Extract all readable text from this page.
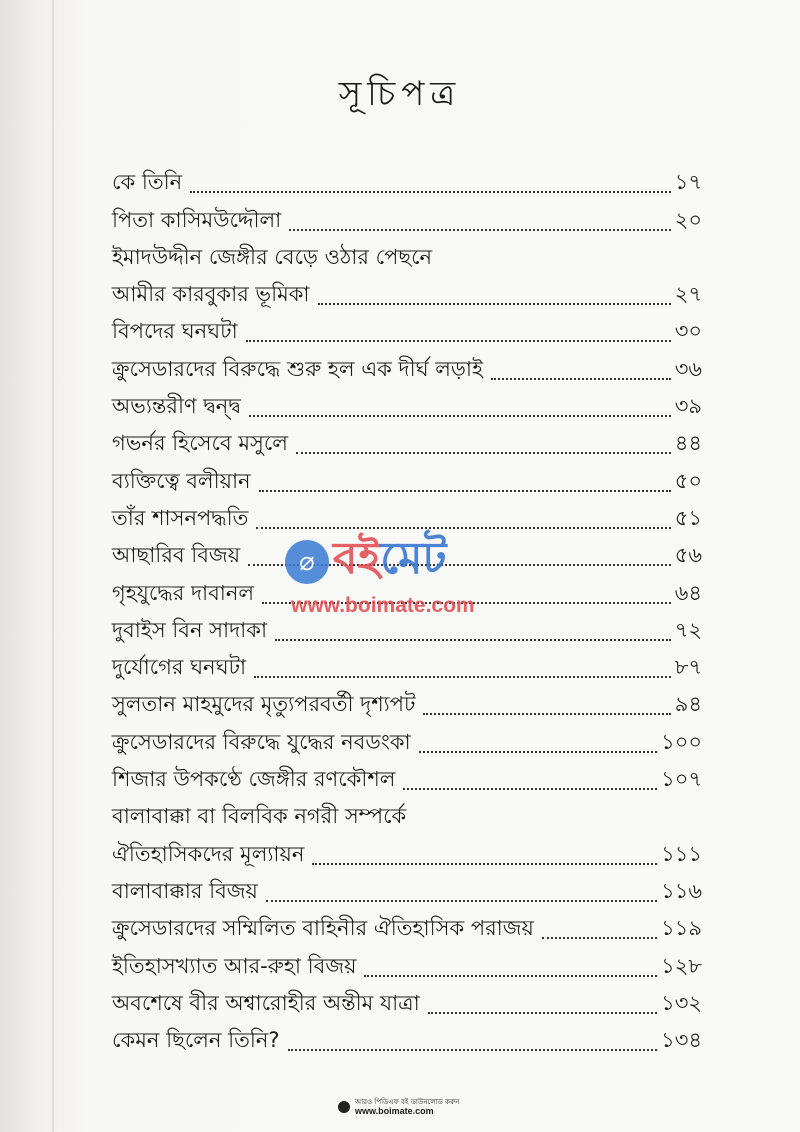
সূচিপত্র
কে তিনি	১৭
পিতা কাসিমউদ্দৌলা	২০
ইমাদউদ্দীন জেঙ্গীর বেড়ে ওঠার পেছনে
আমীর কারবুকার ভূমিকা	২৭
বিপদের ঘনঘটা	৩০
ক্রুসেডারদের বিরুদ্ধে শুরু হল এক দীর্ঘ লড়াই	৩৬
অভ্যন্তরীণ দ্বন্দ্ব	৩৯
গভর্নর হিসেবে মসুলে	৪৪
ব্যক্তিত্বে বলীয়ান	৫০
তাঁর শাসনপদ্ধতি	৫১
আছারিব বিজয়	৫৬
গৃহযুদ্ধের দাবানল	৬৪
দুবাইস বিন সাদাকা	৭২
দুর্যোগের ঘনঘটা	৮৭
সুলতান মাহমুদের মৃত্যুপরবর্তী দৃশ্যপট	৯৪
ক্রুসেডারদের বিরুদ্ধে যুদ্ধের নবডংকা	১০০
শিজার উপকণ্ঠে জেঙ্গীর রণকৌশল	১০৭
বালাবাক্কা বা বিলবিক নগরী সম্পর্কে
ঐতিহাসিকদের মূল্যায়ন	১১১
বালাবাক্কার বিজয়	১১৬
ক্রুসেডারদের সম্মিলিত বাহিনীর ঐতিহাসিক পরাজয়	১১৯
ইতিহাসখ্যাত আর-রুহা বিজয়	১২৮
অবশেষে বীর অশ্বারোহীর অন্তীম যাত্রা	১৩২
কেমন ছিলেন তিনি?	১৩৪
⌀ বইমেট
www.boimate.com
আরও পিডিএফ বই ডাউনলোড করুন
www.boimate.com
